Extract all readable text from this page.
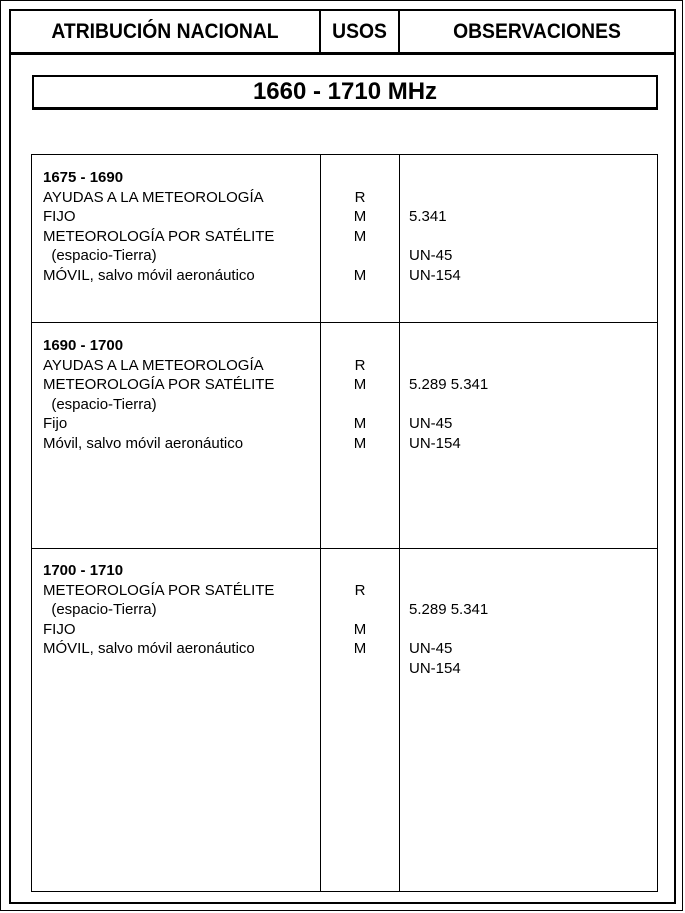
ATRIBUCIÓN NACIONAL	USOS	OBSERVACIONES
1660 - 1710 MHz
1675 - 1690
AYUDAS A LA METEOROLOGÍA
FIJO
METEOROLOGÍA POR SATÉLITE
(espacio-Tierra)
MÓVIL, salvo móvil aeronáutico
R
M
M
M
5.341
UN-45
UN-154
1690 - 1700
AYUDAS A LA METEOROLOGÍA
METEOROLOGÍA POR SATÉLITE
(espacio-Tierra)
Fijo
Móvil, salvo móvil aeronáutico
R
M
M
M
5.289 5.341
UN-45
UN-154
1700 - 1710
METEOROLOGÍA POR SATÉLITE
(espacio-Tierra)
FIJO
MÓVIL, salvo móvil aeronáutico
R
M
M
5.289 5.341
UN-45
UN-154
